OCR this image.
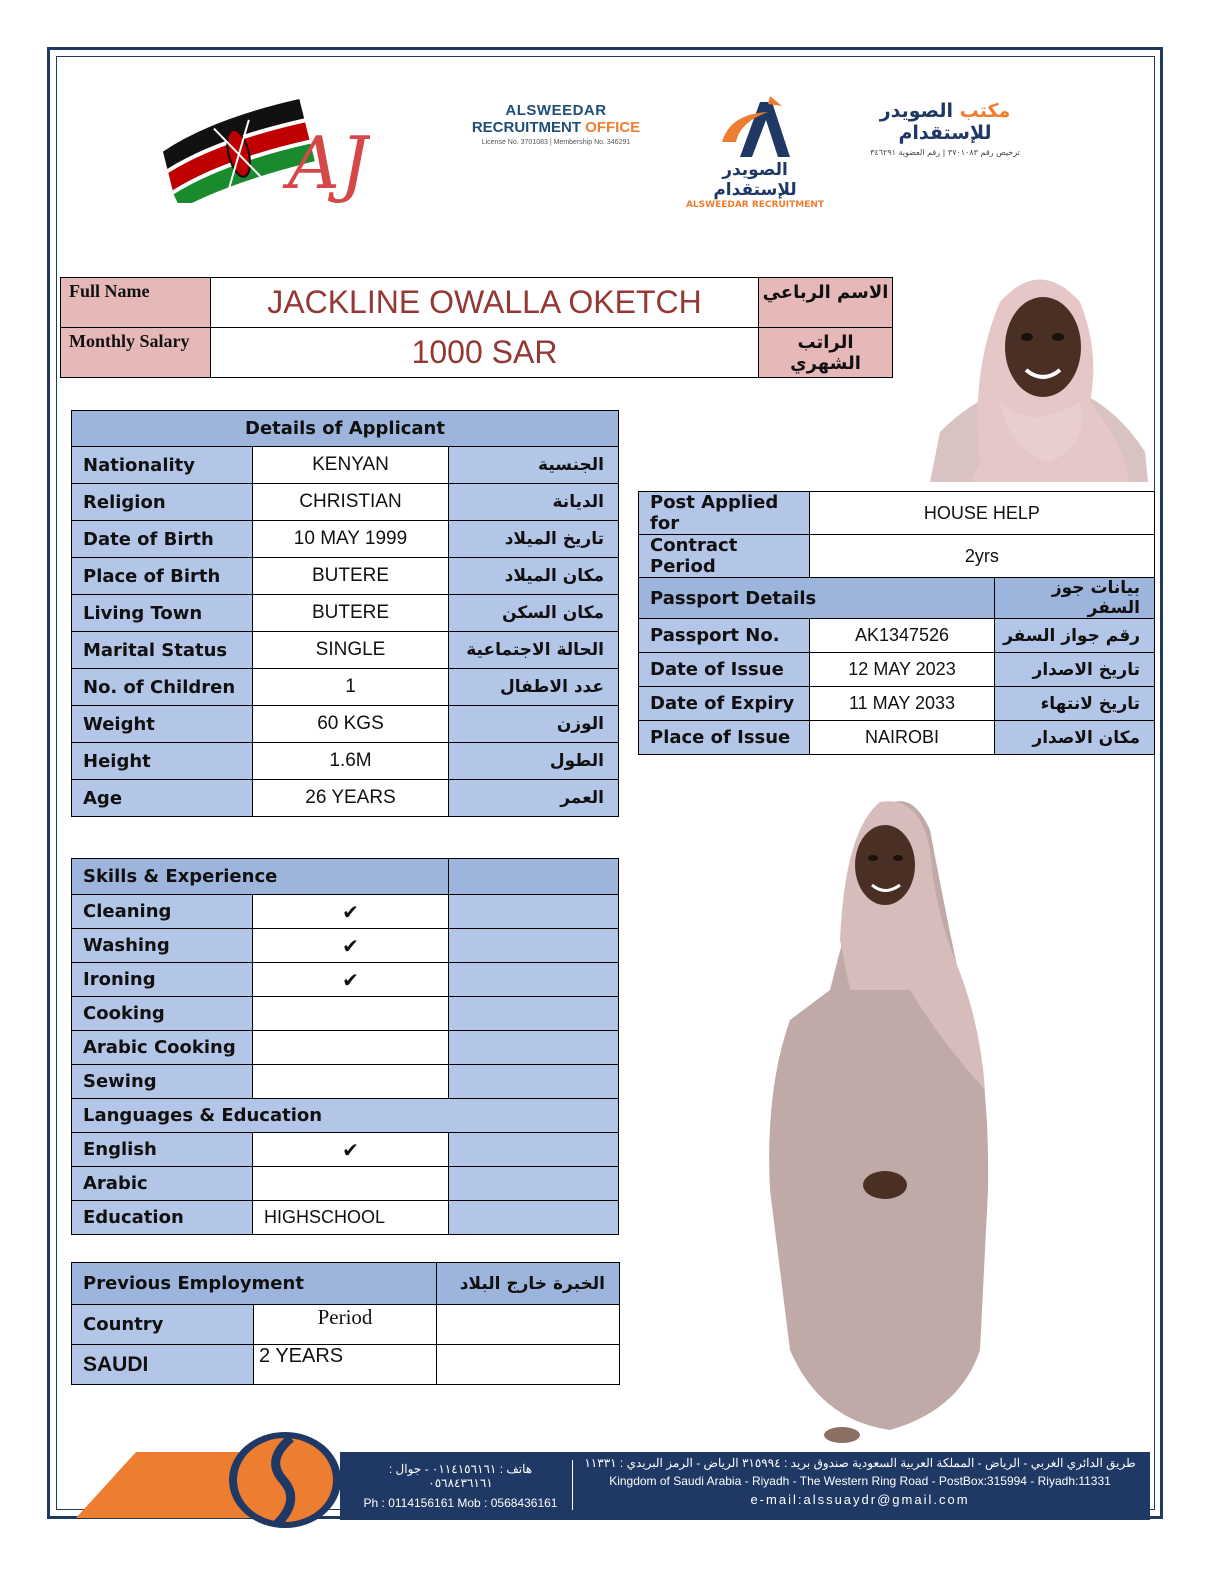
AJ
ALSWEEDAR
RECRUITMENT OFFICE
License No. 3701083 | Membership No. 346291
الصويدر للإستقدام
ALSWEEDAR RECRUITMENT
مكتب الصويدر للإستقدام
ترخيص رقم ٣٧٠١٠٨٣ | رقم العضوية ٣٤٦٢٩١
Full Name	JACKLINE OWALLA OKETCH	الاسم الرباعي
Monthly Salary	1000 SAR	الراتب الشهري
Details of Applicant		
Nationality	KENYAN	الجنسية
Religion	CHRISTIAN	الديانة
Date of Birth	10 MAY 1999	تاريخ الميلاد
Place of Birth	BUTERE	مكان الميلاد
Living Town	BUTERE	مكان السكن
Marital Status	SINGLE	الحالة الاجتماعية
No. of Children	1	عدد الاطفال
Weight	60 KGS	الوزن
Height	1.6M	الطول
Age	26 YEARS	العمر
Post Applied for	HOUSE HELP	
Contract Period	2yrs	
Passport Details		بيانات جوز السفر
Passport No.	AK1347526	رقم جواز السفر
Date of Issue	12 MAY 2023	تاريخ الاصدار
Date of Expiry	11 MAY 2033	تاريخ لانتهاء
Place of Issue	NAIROBI	مكان الاصدار
Skills & Experience		
Cleaning	✔	
Washing	✔	
Ironing	✔	
Cooking		
Arabic Cooking		
Sewing		
Languages & Education		
English	✔	
Arabic		
Education	HIGHSCHOOL	
Previous Employment		الخبرة خارج البلاد
Country	Period	
SAUDI	2 YEARS	
هاتف : ٠١١٤١٥٦١٦١ - جوال : ٠٥٦٨٤٣٦١٦١
Ph : 0114156161 Mob : 0568436161
طريق الدائري الغربي - الرياض - المملكة العربية السعودية صندوق بريد : ٣١٥٩٩٤ الرياض - الرمز البريدي : ١١٣٣١
Kingdom of Saudi Arabia - Riyadh - The Western Ring Road - PostBox:315994 - Riyadh:11331
e-mail:alssuaydr@gmail.com
